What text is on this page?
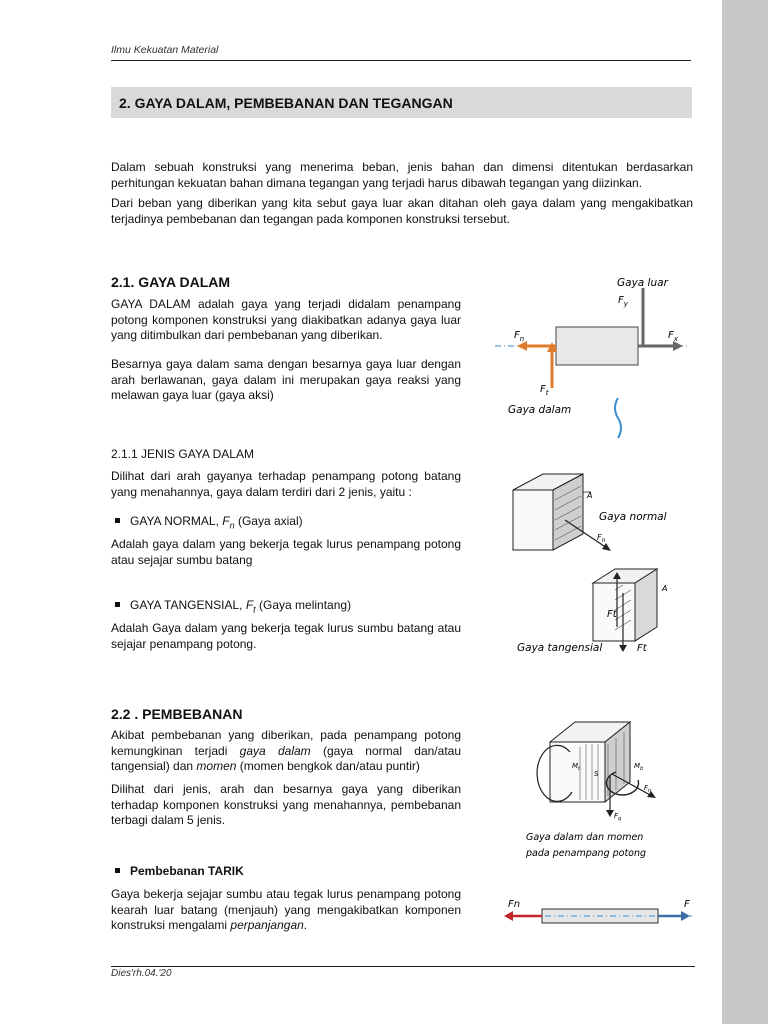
Ilmu Kekuatan Material
2. GAYA DALAM, PEMBEBANAN DAN TEGANGAN
Dalam sebuah konstruksi yang menerima beban, jenis bahan dan dimensi ditentukan berdasarkan perhitungan kekuatan bahan dimana tegangan yang terjadi harus dibawah tegangan yang diizinkan.
Dari beban yang diberikan yang kita sebut gaya luar akan ditahan oleh gaya dalam yang mengakibatkan terjadinya pembebanan dan tegangan pada komponen konstruksi tersebut.
2.1. GAYA DALAM
GAYA DALAM adalah gaya yang terjadi didalam penampang potong komponen konstruksi yang diakibatkan adanya gaya luar yang ditimbulkan dari pembebanan yang diberikan.
Besarnya gaya dalam sama dengan besarnya gaya luar dengan arah berlawanan, gaya dalam ini merupakan gaya reaksi yang melawan gaya luar (gaya aksi)
2.1.1 JENIS GAYA DALAM
Dilihat dari arah gayanya terhadap penampang potong batang yang menahannya, gaya dalam terdiri dari 2 jenis, yaitu :
GAYA NORMAL, $F_n$ (Gaya axial)
Adalah gaya dalam yang bekerja tegak lurus penampang potong atau sejajar sumbu batang
GAYA TANGENSIAL, $F_t$ (Gaya melintang)
Adalah Gaya dalam yang bekerja tegak lurus sumbu batang atau sejajar penampang potong.
2.2 . PEMBEBANAN
Akibat pembebanan yang diberikan, pada penampang potong kemungkinan terjadi gaya dalam (gaya normal dan/atau tangensial) dan momen (momen bengkok dan/atau puntir)
Dilihat dari jenis, arah dan besarnya gaya yang diberikan terhadap komponen konstruksi yang menahannya, pembebanan terbagi dalam 5 jenis.
Pembebanan TARIK
Gaya bekerja sejajar sumbu atau tegak lurus penampang potong kearah luar batang (menjauh) yang mengakibatkan komponen konstruksi mengalami perpanjangan.
Gaya luar
$F_y$
$F_n$	$F_x$
$F_t$
Gaya dalam
A
$F_n$
Gaya normal
A
Ft
Ft
Gaya tangensial
$M_t$	$M_b$
S
$F_n$
$F_q$
Gaya dalam dan momen
pada penampang potong
Fn	F
Dies'rh.04.'20
